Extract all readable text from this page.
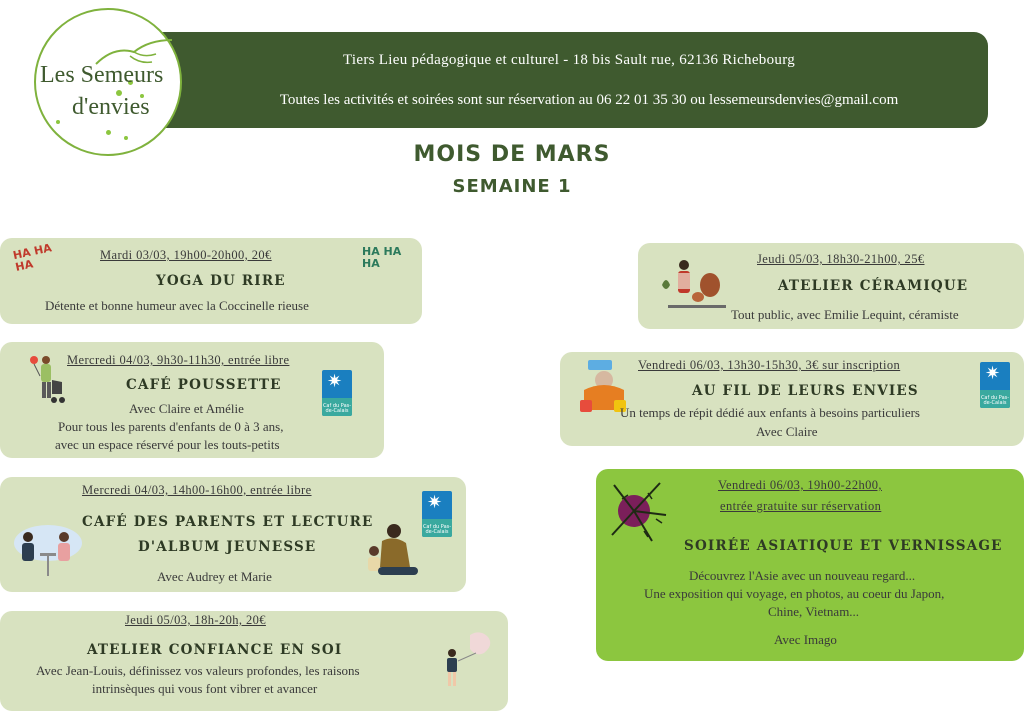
Tiers Lieu pédagogique et culturel - 18 bis Sault rue, 62136 Richebourg
Toutes les activités et soirées sont sur réservation au 06 22 01 35 30 ou lessemeursdenvies@gmail.com
Les Semeurs
d'envies
MOIS DE MARS
SEMAINE 1
HA HA HA
HA HA HA
Mardi 03/03, 19h00-20h00, 20€
YOGA DU RIRE
Détente et bonne humeur avec la Coccinelle rieuse
✷
Caf du Pas-de-Calais
Mercredi 04/03, 9h30-11h30, entrée libre
CAFÉ POUSSETTE
Avec Claire et Amélie
Pour tous les parents d'enfants de 0 à 3 ans,
avec un espace réservé pour les touts-petits
✷
Caf du Pas-de-Calais
Mercredi 04/03, 14h00-16h00, entrée libre
CAFÉ DES PARENTS ET LECTURE
D'ALBUM JEUNESSE
Avec Audrey et Marie
Jeudi 05/03, 18h-20h, 20€
ATELIER CONFIANCE EN SOI
Avec Jean-Louis, définissez vos valeurs profondes, les raisons
intrinsèques qui vous font vibrer et avancer
Jeudi 05/03, 18h30-21h00, 25€
ATELIER CÉRAMIQUE
Tout public, avec Emilie Lequint, céramiste
✷
Caf du Pas-de-Calais
Vendredi 06/03, 13h30-15h30, 3€ sur inscription
AU FIL DE LEURS ENVIES
Un temps de répit dédié aux enfants à besoins particuliers
Avec Claire
Vendredi 06/03, 19h00-22h00,
entrée gratuite sur réservation
SOIRÉE ASIATIQUE ET VERNISSAGE
Découvrez l'Asie avec un nouveau regard...
Une exposition qui voyage, en photos, au coeur du Japon,
Chine, Vietnam...
Avec Imago
